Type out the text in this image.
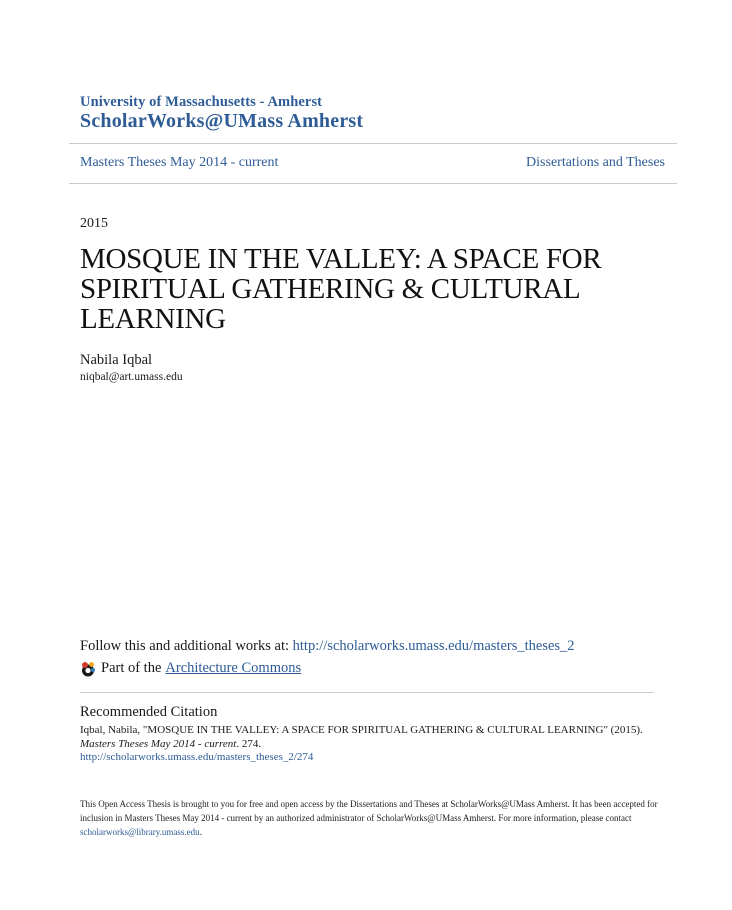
University of Massachusetts - Amherst
ScholarWorks@UMass Amherst
Masters Theses May 2014 - current	Dissertations and Theses
2015
MOSQUE IN THE VALLEY: A SPACE FOR SPIRITUAL GATHERING & CULTURAL LEARNING
Nabila Iqbal
niqbal@art.umass.edu
Follow this and additional works at: http://scholarworks.umass.edu/masters_theses_2
Part of the Architecture Commons
Recommended Citation
Iqbal, Nabila, "MOSQUE IN THE VALLEY: A SPACE FOR SPIRITUAL GATHERING & CULTURAL LEARNING" (2015).
Masters Theses May 2014 - current. 274.
http://scholarworks.umass.edu/masters_theses_2/274
This Open Access Thesis is brought to you for free and open access by the Dissertations and Theses at ScholarWorks@UMass Amherst. It has been accepted for inclusion in Masters Theses May 2014 - current by an authorized administrator of ScholarWorks@UMass Amherst. For more information, please contact scholarworks@library.umass.edu.
